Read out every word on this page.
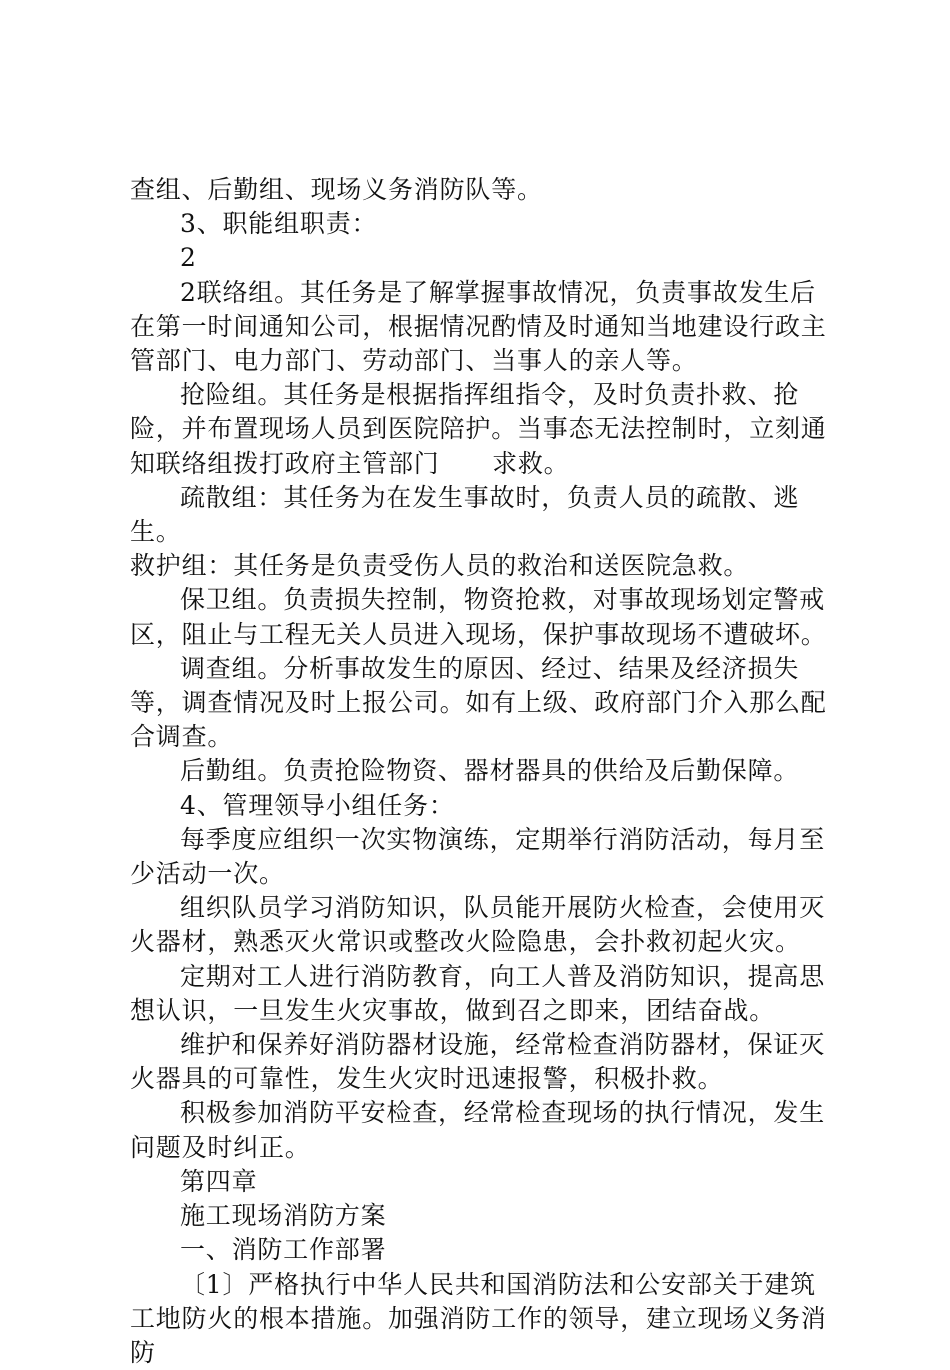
查组、后勤组、现场义务消防队等。

3、职能组职责：

2

2联络组。其任务是了解掌握事故情况，负责事故发生后在第一时间通知公司，根据情况酌情及时通知当地建设行政主管部门、电力部门、劳动部门、当事人的亲人等。

抢险组。其任务是根据指挥组指令，及时负责扑救、抢险，并布置现场人员到医院陪护。当事态无法控制时，立刻通知联络组拨打政府主管部门      求救。

疏散组：其任务为在发生事故时，负责人员的疏散、逃生。

救护组：其任务是负责受伤人员的救治和送医院急救。

保卫组。负责损失控制，物资抢救，对事故现场划定警戒区，阻止与工程无关人员进入现场，保护事故现场不遭破坏。

调查组。分析事故发生的原因、经过、结果及经济损失等，调查情况及时上报公司。如有上级、政府部门介入那么配合调查。

后勤组。负责抢险物资、器材器具的供给及后勤保障。

4、管理领导小组任务：

每季度应组织一次实物演练，定期举行消防活动，每月至少活动一次。

组织队员学习消防知识，队员能开展防火检查，会使用灭火器材，熟悉灭火常识或整改火险隐患，会扑救初起火灾。

定期对工人进行消防教育，向工人普及消防知识，提高思想认识，一旦发生火灾事故，做到召之即来，团结奋战。

维护和保养好消防器材设施，经常检查消防器材，保证灭火器具的可靠性，发生火灾时迅速报警，积极扑救。

积极参加消防平安检查，经常检查现场的执行情况，发生问题及时纠正。

第四章

施工现场消防方案

一、消防工作部署

〔1〕严格执行中华人民共和国消防法和公安部关于建筑工地防火的根本措施。加强消防工作的领导，建立现场义务消防
